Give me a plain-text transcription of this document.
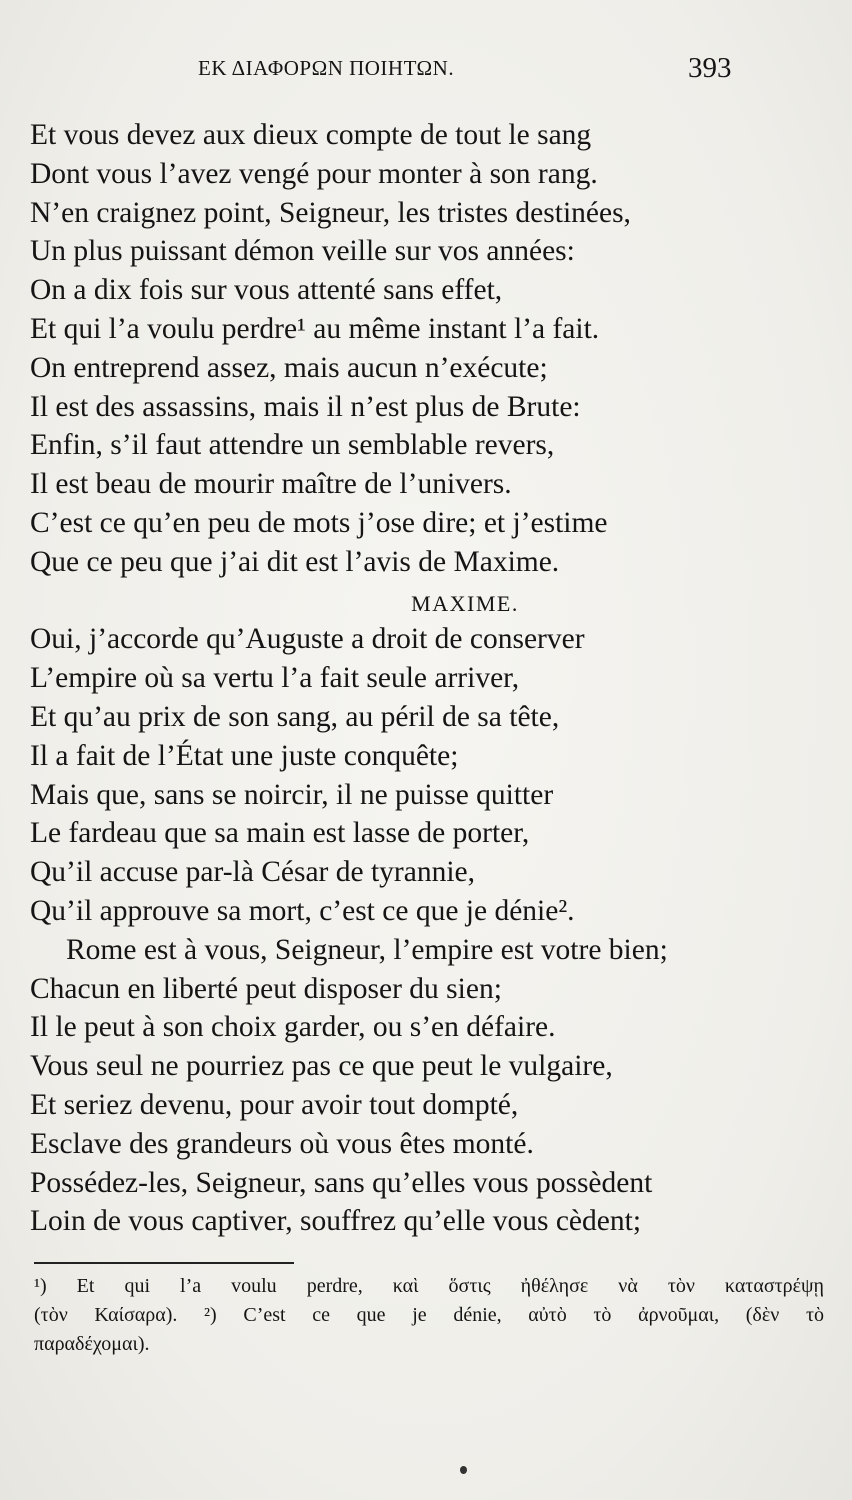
ΕΚ ΔΙΑΦΟΡΩΝ ΠΟΙΗΤΩΝ.	393
Et vous devez aux dieux compte de tout le sang
Dont vous l’avez vengé pour monter à son rang.
N’en craignez point, Seigneur, les tristes destinées,
Un plus puissant démon veille sur vos années:
On a dix fois sur vous attenté sans effet,
Et qui l’a voulu perdre¹ au même instant l’a fait.
On entreprend assez, mais aucun n’exécute;
Il est des assassins, mais il n’est plus de Brute:
Enfin, s’il faut attendre un semblable revers,
Il est beau de mourir maître de l’univers.
C’est ce qu’en peu de mots j’ose dire; et j’estime
Que ce peu que j’ai dit est l’avis de Maxime.
MAXIME.
Oui, j’accorde qu’Auguste a droit de conserver
L’empire où sa vertu l’a fait seule arriver,
Et qu’au prix de son sang, au péril de sa tête,
Il a fait de l’État une juste conquête;
Mais que, sans se noircir, il ne puisse quitter
Le fardeau que sa main est lasse de porter,
Qu’il accuse par-là César de tyrannie,
Qu’il approuve sa mort, c’est ce que je dénie².
Rome est à vous, Seigneur, l’empire est votre bien;
Chacun en liberté peut disposer du sien;
Il le peut à son choix garder, ou s’en défaire.
Vous seul ne pourriez pas ce que peut le vulgaire,
Et seriez devenu, pour avoir tout dompté,
Esclave des grandeurs où vous êtes monté.
Possédez-les, Seigneur, sans qu’elles vous possèdent
Loin de vous captiver, souffrez qu’elle vous cèdent;
¹) Et qui l’a voulu perdre, καὶ ὅστις ἠθέλησε νὰ τὸν καταστρέψῃ
(τὸν Καίσαρα). ²) C’est ce que je dénie, αὐτὸ τὸ ἀρνοῦμαι, (δὲν τὸ
παραδέχομαι).
